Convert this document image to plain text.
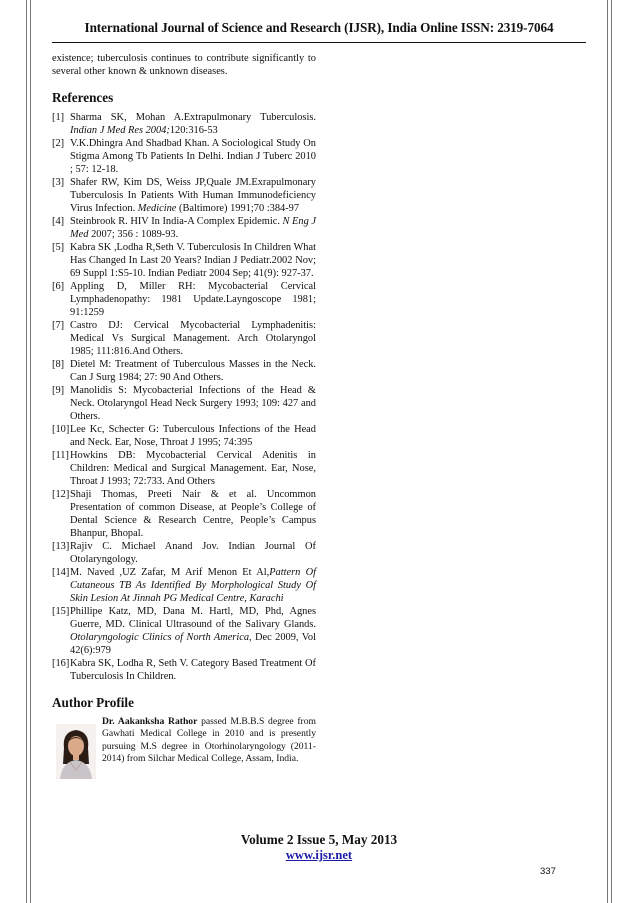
International Journal of Science and Research (IJSR), India Online ISSN: 2319-7064

existence; tuberculosis continues to contribute significantly to several other known & unknown diseases.

References
[1] Sharma SK, Mohan A.Extrapulmonary Tuberculosis. Indian J Med Res 2004;120:316-53
[2] V.K.Dhingra And Shadbad Khan. A Sociological Study On Stigma Among Tb Patients In Delhi. Indian J Tuberc 2010 ; 57: 12-18.
[3] Shafer RW, Kim DS, Weiss JP,Quale JM.Exrapulmonary Tuberculosis In Patients With Human Immunodeficiency Virus Infection. Medicine (Baltimore) 1991;70 :384-97
[4] Steinbrook R. HIV In India-A Complex Epidemic. N Eng J Med 2007; 356 : 1089-93.
[5] Kabra SK ,Lodha R,Seth V. Tuberculosis In Children What Has Changed In Last 20 Years? Indian J Pediatr.2002 Nov; 69 Suppl 1:S5-10. Indian Pediatr 2004 Sep; 41(9): 927-37.
[6] Appling D, Miller RH: Mycobacterial Cervical Lymphadenopathy: 1981 Update.Layngoscope 1981; 91:1259
[7] Castro DJ: Cervical Mycobacterial Lymphadenitis: Medical Vs Surgical Management. Arch Otolaryngol 1985; 111:816.And Others.
[8] Dietel M: Treatment of Tuberculous Masses in the Neck. Can J Surg 1984; 27: 90 And Others.
[9] Manolidis S: Mycobacterial Infections of the Head & Neck. Otolaryngol Head Neck Surgery 1993; 109: 427 and Others.
[10] Lee Kc, Schecter G: Tuberculous Infections of the Head and Neck. Ear, Nose, Throat J 1995; 74:395
[11] Howkins DB: Mycobacterial Cervical Adenitis in Children: Medical and Surgical Management. Ear, Nose, Throat J 1993; 72:733. And Others
[12] Shaji Thomas, Preeti Nair & et al. Uncommon Presentation of common Disease, at People’s College of Dental Science & Research Centre, People’s Campus Bhanpur, Bhopal.
[13] Rajiv C. Michael Anand Jov. Indian Journal Of Otolaryngology.
[14] M. Naved ,UZ Zafar, M Arif Menon Et Al,Pattern Of Cutaneous TB As Identified By Morphological Study Of Skin Lesion At Jinnah PG Medical Centre, Karachi
[15] Phillipe Katz, MD, Dana M. Hartl, MD, Phd, Agnes Guerre, MD. Clinical Ultrasound of the Salivary Glands. Otolaryngologic Clinics of North America, Dec 2009, Vol 42(6):979
[16] Kabra SK, Lodha R, Seth V. Category Based Treatment Of Tuberculosis In Children.
Author Profile
Dr. Aakanksha Rathor passed M.B.B.S degree from Gawhati Medical College in 2010 and is presently pursuing M.S degree in Otorhinolaryngology (2011-2014) from Silchar Medical College, Assam, India.
Volume 2 Issue 5, May 2013
www.ijsr.net
337
